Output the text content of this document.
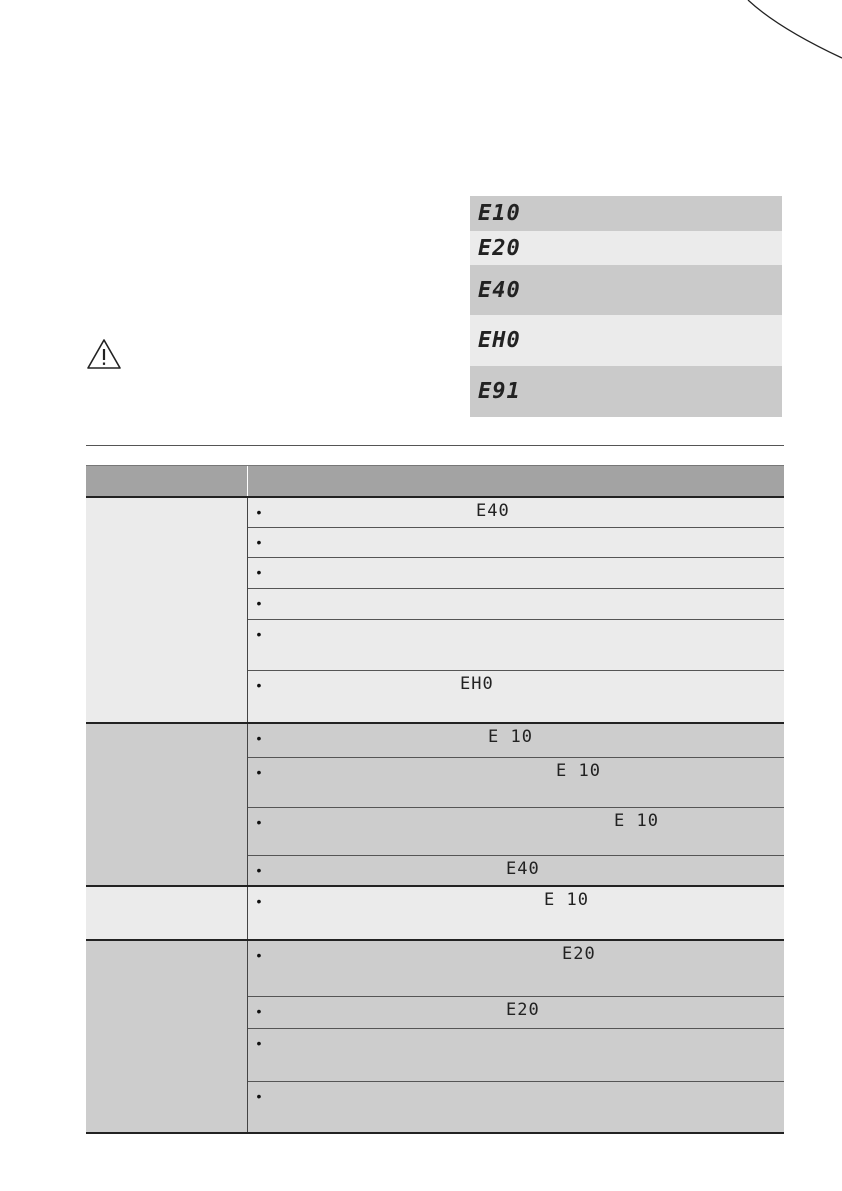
E10
E20
E40
EH0
E91
•	E40
•
•
•
•
•	EH0
•	E 10
•	E 10
•	E 10
•	E40
•	E 10
•	E20
•	E20
•
•
